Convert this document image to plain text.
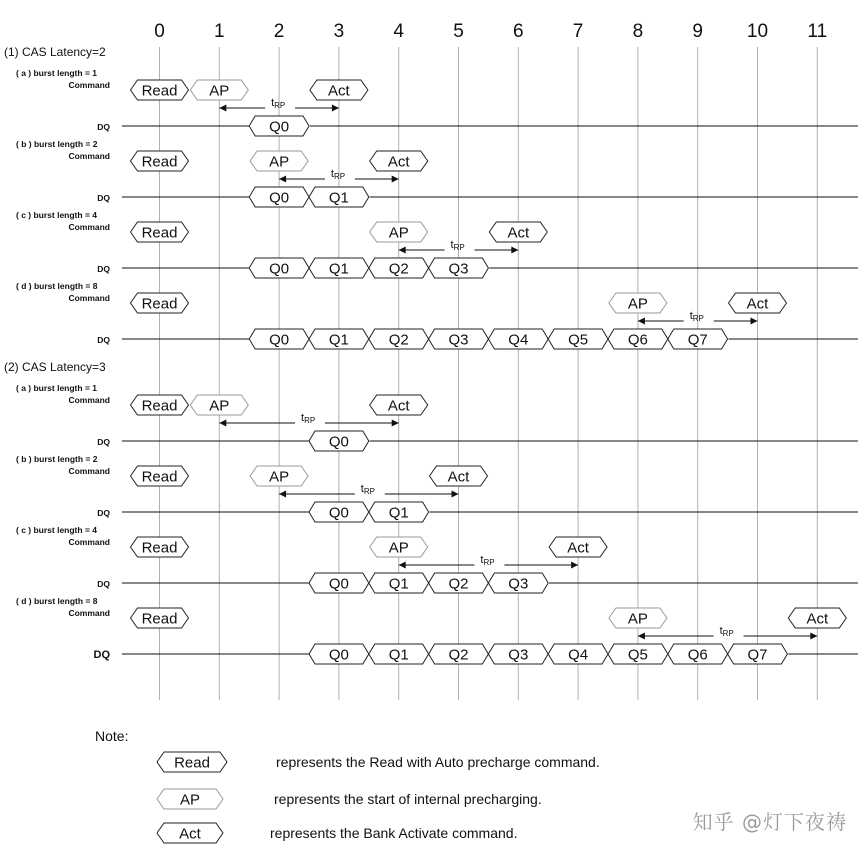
0	1	2	3	4	5	6	7	8	9 10 11
(1) CAS Latency=2
( a ) burst length = 1
Command
DQ
Read AP	Act
tRP
Q0
( b ) burst length = 2
Command
DQ
Read	AP	Act
tRP
Q0	Q1
( c ) burst length = 4
Command
DQ
Read	AP	Act
tRP
Q0	Q1	Q2	Q3
( d ) burst length = 8
Command
DQ
Read	AP	Act
tRP
Q0	Q1	Q2	Q3	Q4	Q5	Q6	Q7
(2) CAS Latency=3
( a ) burst length = 1
Command
DQ
Read AP	Act
tRP
Q0
( b ) burst length = 2
Command
DQ
Read	AP	Act
tRP
Q0	Q1
( c ) burst length = 4
Command
DQ
Read	AP	Act
tRP
Q0	Q1	Q2	Q3
( d ) burst length = 8
Command
DQ
Read	AP	Act
tRP
Q0	Q1	Q2	Q3	Q4	Q5	Q6	Q7
Note:
Read	represents the Read with Auto precharge command.
AP	represents the start of internal precharging.
Act	represents the Bank Activate command.	知乎 @灯下夜祷
